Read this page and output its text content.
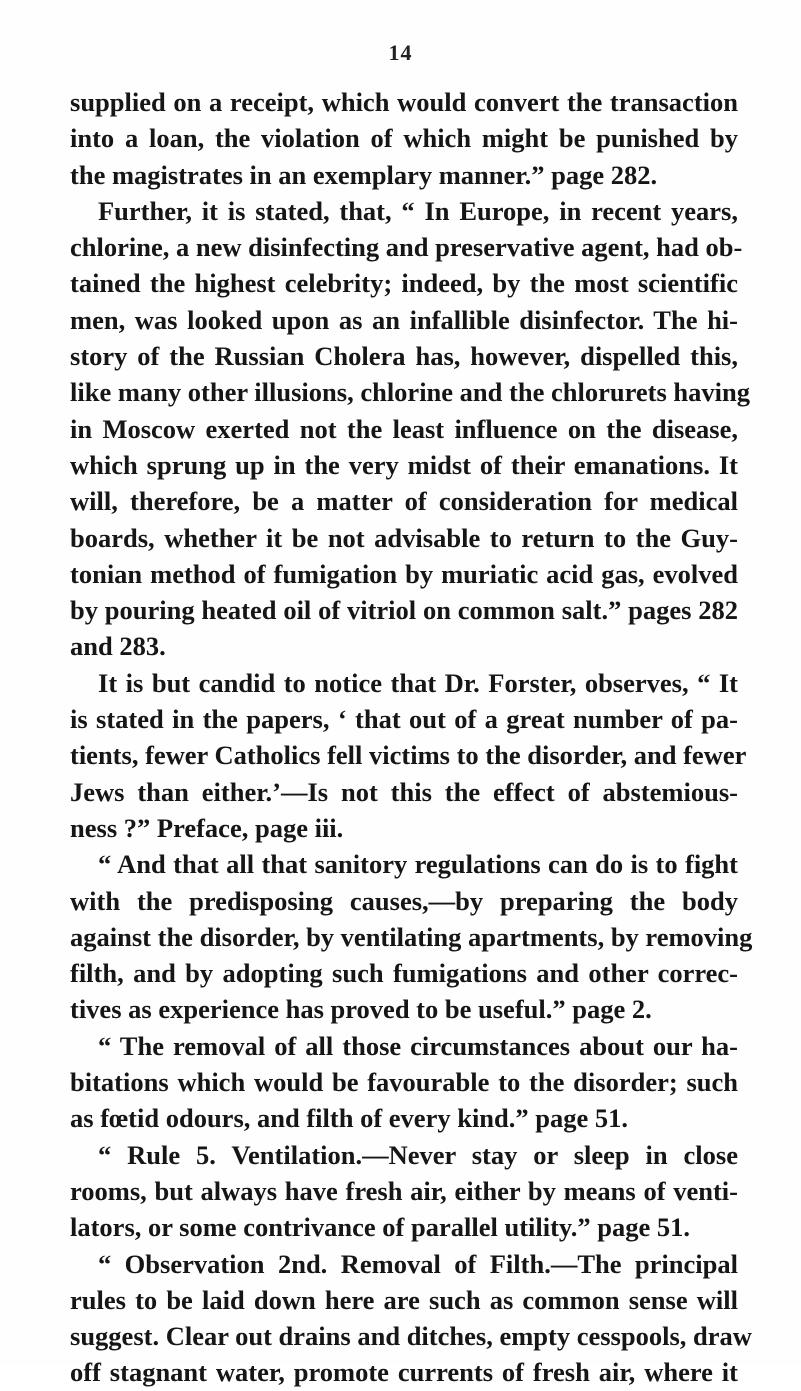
14
supplied on a receipt, which would convert the transaction
into a loan, the violation of which might be punished by
the magistrates in an exemplary manner.” page 282.
Further, it is stated, that, “ In Europe, in recent years,
chlorine, a new disinfecting and preservative agent, had ob-
tained the highest celebrity; indeed, by the most scientific
men, was looked upon as an infallible disinfector. The hi-
story of the Russian Cholera has, however, dispelled this,
like many other illusions, chlorine and the chlorurets having
in Moscow exerted not the least influence on the disease,
which sprung up in the very midst of their emanations. It
will, therefore, be a matter of consideration for medical
boards, whether it be not advisable to return to the Guy-
tonian method of fumigation by muriatic acid gas, evolved
by pouring heated oil of vitriol on common salt.” pages 282
and 283.
It is but candid to notice that Dr. Forster, observes, “ It
is stated in the papers, ‘ that out of a great number of pa-
tients, fewer Catholics fell victims to the disorder, and fewer
Jews than either.’—Is not this the effect of abstemious-
ness ?” Preface, page iii.
“ And that all that sanitory regulations can do is to fight
with the predisposing causes,—by preparing the body
against the disorder, by ventilating apartments, by removing
filth, and by adopting such fumigations and other correc-
tives as experience has proved to be useful.” page 2.
“ The removal of all those circumstances about our ha-
bitations which would be favourable to the disorder; such
as fœtid odours, and filth of every kind.” page 51.
“ Rule 5. Ventilation.—Never stay or sleep in close
rooms, but always have fresh air, either by means of venti-
lators, or some contrivance of parallel utility.” page 51.
“ Observation 2nd. Removal of Filth.—The principal
rules to be laid down here are such as common sense will
suggest. Clear out drains and ditches, empty cesspools, draw
off stagnant water, promote currents of fresh air, where it
